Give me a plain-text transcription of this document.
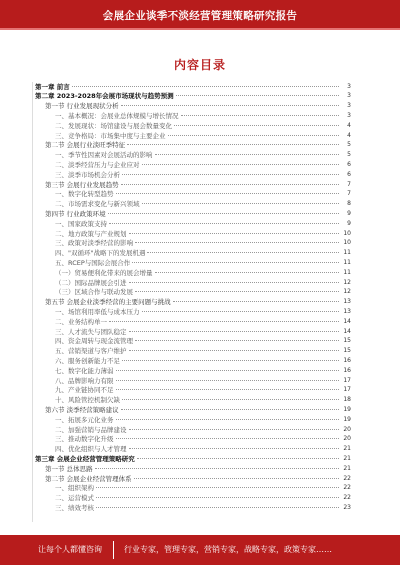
会展企业谈季不淡经营管理策略研究报告
内容目录
第一章 前言	3
第二章 2023-2028年会展市场现状与趋势预测	3
第一节 行业发展现状分析	3
一、基本概况：会展业总体规模与增长情况	3
二、发展现状：场馆建设与展会数量变化	4
三、竞争格局：市场集中度与主要企业	4
第二节 会展行业淡旺季特征	5
一、季节性因素对会展活动的影响	5
二、淡季经营压力与企业应对	6
三、淡季市场机会分析	6
第三节 会展行业发展趋势	7
一、数字化转型趋势	7
二、市场需求变化与新兴领域	8
第四节 行业政策环境	9
一、国家政策支持	9
二、地方政策与产业规划	10
三、政策对淡季经营的影响	10
四、"双循环"战略下的发展机遇	11
五、RCEP与国际会展合作	11
（一）贸易便利化带来的展会增量	11
（二）国际品牌展会引进	12
（三）区域合作与联动发展	12
第五节 会展企业淡季经营的主要问题与挑战	13
一、场馆利用率低与成本压力	13
二、业务结构单一	14
三、人才流失与团队稳定	14
四、资金周转与现金流管理	15
五、营销渠道与客户维护	15
六、服务创新能力不足	16
七、数字化能力薄弱	16
八、品牌影响力有限	17
九、产业链协同不足	17
十、风险管控机制欠缺	18
第六节 淡季经营策略建议	19
一、拓展多元化业务	19
二、加强营销与品牌建设	20
三、推动数字化升级	20
四、优化组织与人才管理	21
第三章 会展企业经营管理策略研究	21
第一节 总体思路	21
第二节 会展企业经营管理体系	22
一、组织架构	22
二、运营模式	22
三、绩效考核	23
让每个人都懂咨询	行业专家，管理专家，营销专家，战略专家，政策专家……
